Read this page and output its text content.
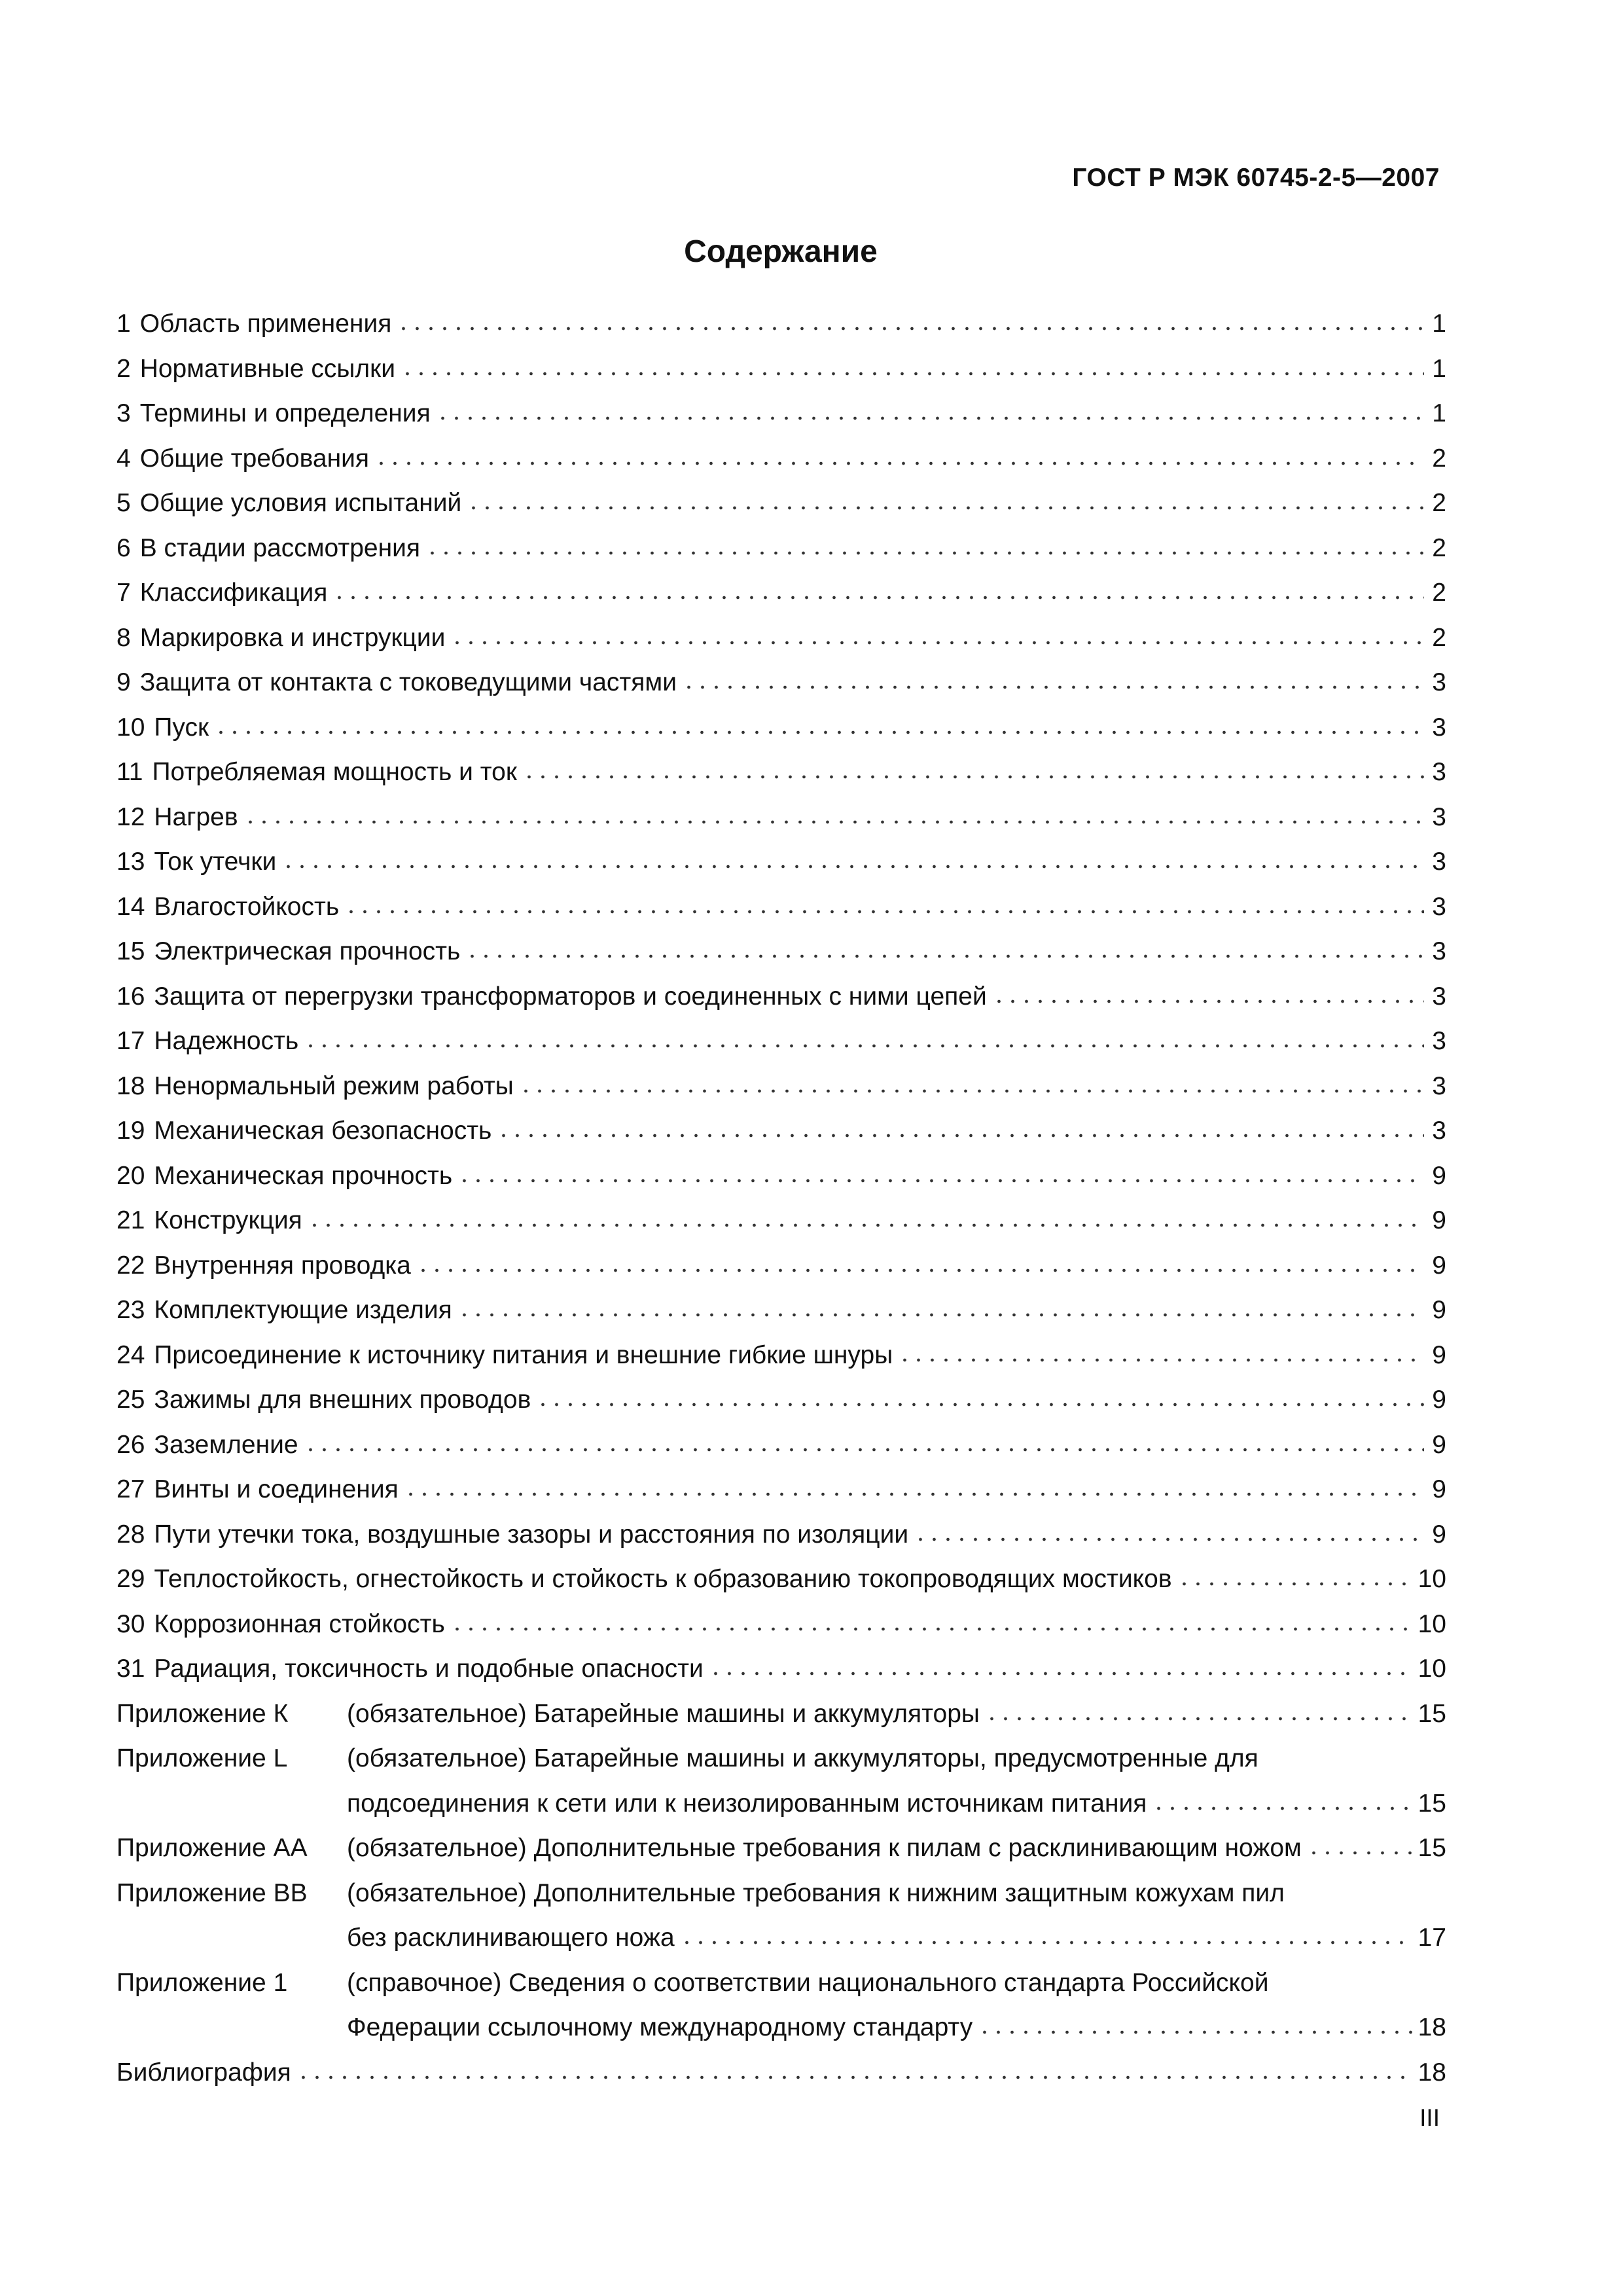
ГОСТ Р МЭК 60745-2-5—2007
Содержание
1 Область применения	1
2 Нормативные ссылки	1
3 Термины и определения	1
4 Общие требования	2
5 Общие условия испытаний	2
6 В стадии рассмотрения	2
7 Классификация	2
8 Маркировка и инструкции	2
9 Защита от контакта с токоведущими частями	3
10 Пуск	3
11 Потребляемая мощность и ток	3
12 Нагрев	3
13 Ток утечки	3
14 Влагостойкость	3
15 Электрическая прочность	3
16 Защита от перегрузки трансформаторов и соединенных с ними цепей	3
17 Надежность	3
18 Ненормальный режим работы	3
19 Механическая безопасность	3
20 Механическая прочность	9
21 Конструкция	9
22 Внутренняя проводка	9
23 Комплектующие изделия	9
24 Присоединение к источнику питания и внешние гибкие шнуры	9
25 Зажимы для внешних проводов	9
26 Заземление	9
27 Винты и соединения	9
28 Пути утечки тока, воздушные зазоры и расстояния по изоляции	9
29 Теплостойкость, огнестойкость и стойкость к образованию токопроводящих мостиков	10
30 Коррозионная стойкость	10
31 Радиация, токсичность и подобные опасности	10
Приложение К	(обязательное) Батарейные машины и аккумуляторы	15
Приложение L	(обязательное) Батарейные машины и аккумуляторы, предусмотренные для
подсоединения к сети или к неизолированным источникам питания	15
Приложение АА	(обязательное) Дополнительные требования к пилам с расклинивающим ножом	15
Приложение ВВ	(обязательное) Дополнительные требования к нижним защитным кожухам пил
без расклинивающего ножа	17
Приложение 1	(справочное) Сведения о соответствии национального стандарта Российской
Федерации ссылочному международному стандарту	18
Библиография	18
III
